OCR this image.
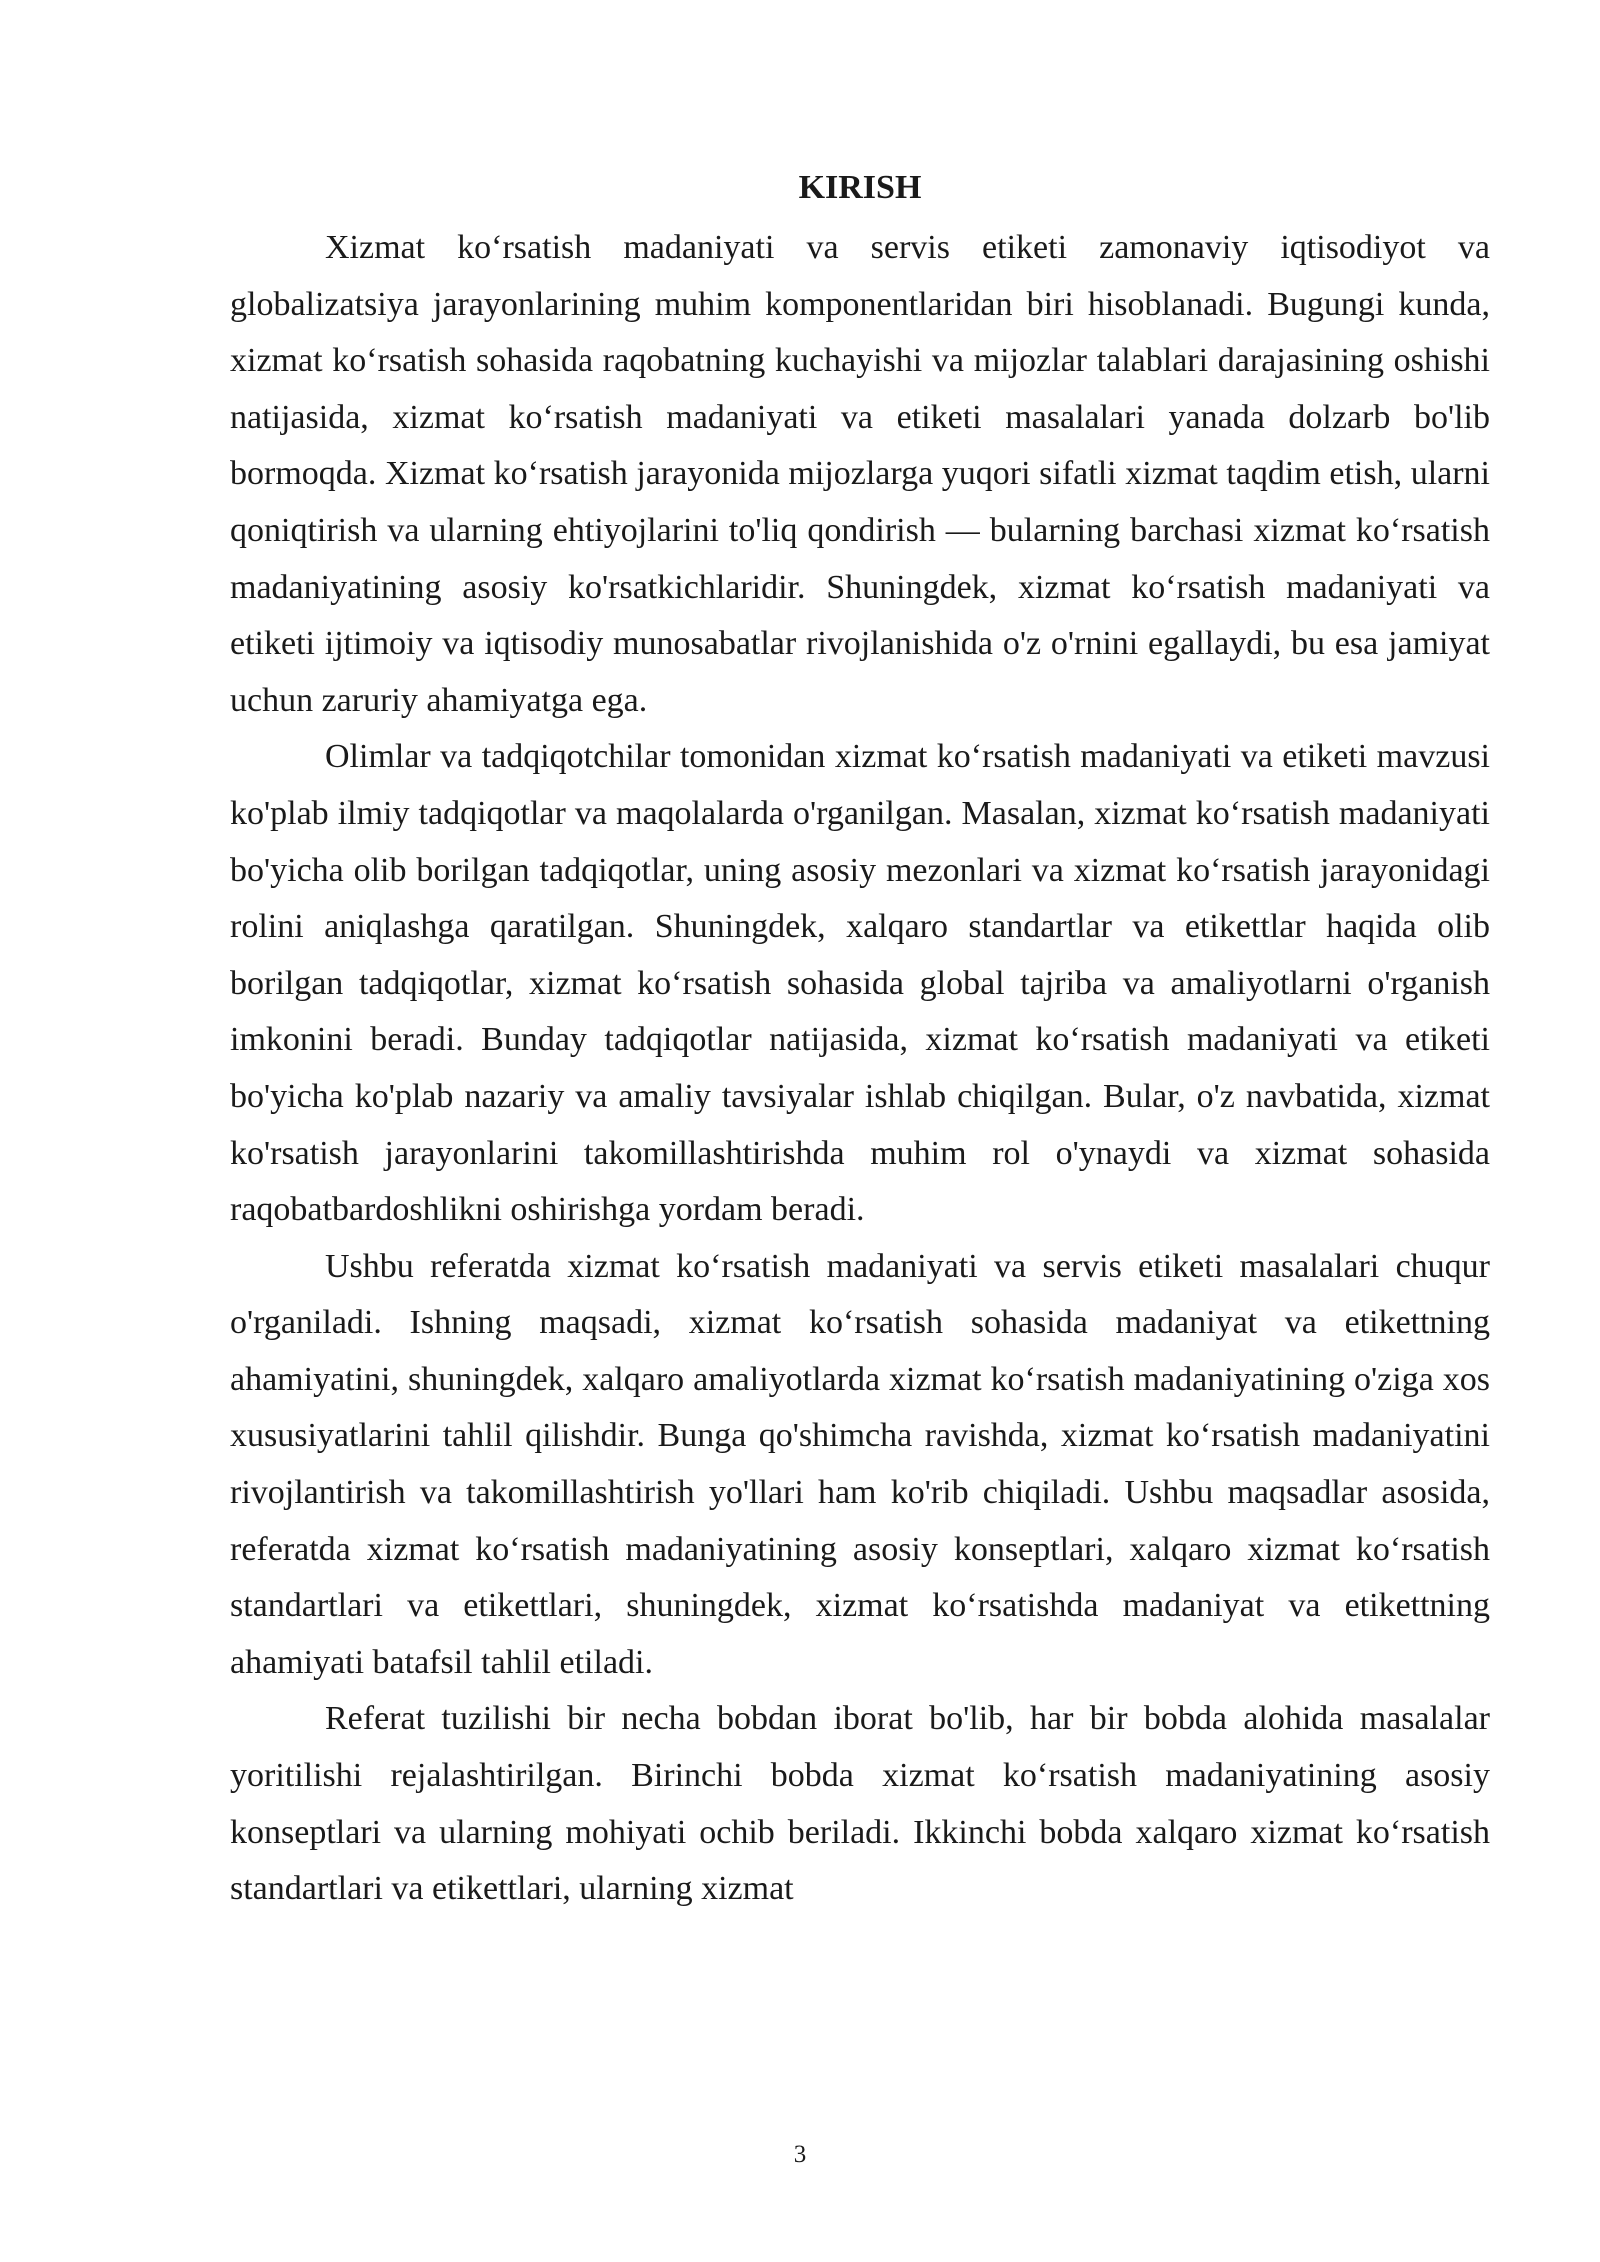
KIRISH

Xizmat ko‘rsatish madaniyati va servis etiketi zamonaviy iqtisodiyot va globalizatsiya jarayonlarining muhim komponentlaridan biri hisoblanadi. Bugungi kunda, xizmat ko‘rsatish sohasida raqobatning kuchayishi va mijozlar talablari darajasining oshishi natijasida, xizmat ko‘rsatish madaniyati va etiketi masalalari yanada dolzarb bo'lib bormoqda. Xizmat ko‘rsatish jarayonida mijozlarga yuqori sifatli xizmat taqdim etish, ularni qoniqtirish va ularning ehtiyojlarini to'liq qondirish — bularning barchasi xizmat ko‘rsatish madaniyatining asosiy ko'rsatkichlaridir. Shuningdek, xizmat ko‘rsatish madaniyati va etiketi ijtimoiy va iqtisodiy munosabatlar rivojlanishida o'z o'rnini egallaydi, bu esa jamiyat uchun zaruriy ahamiyatga ega.

Olimlar va tadqiqotchilar tomonidan xizmat ko‘rsatish madaniyati va etiketi mavzusi ko'plab ilmiy tadqiqotlar va maqolalarda o'rganilgan. Masalan, xizmat ko‘rsatish madaniyati bo'yicha olib borilgan tadqiqotlar, uning asosiy mezonlari va xizmat ko‘rsatish jarayonidagi rolini aniqlashga qaratilgan. Shuningdek, xalqaro standartlar va etikettlar haqida olib borilgan tadqiqotlar, xizmat ko‘rsatish sohasida global tajriba va amaliyotlarni o'rganish imkonini beradi. Bunday tadqiqotlar natijasida, xizmat ko‘rsatish madaniyati va etiketi bo'yicha ko'plab nazariy va amaliy tavsiyalar ishlab chiqilgan. Bular, o'z navbatida, xizmat ko'rsatish jarayonlarini takomillashtirishda muhim rol o'ynaydi va xizmat sohasida raqobatbardoshlikni oshirishga yordam beradi.

Ushbu referatda xizmat ko‘rsatish madaniyati va servis etiketi masalalari chuqur o'rganiladi. Ishning maqsadi, xizmat ko‘rsatish sohasida madaniyat va etikettning ahamiyatini, shuningdek, xalqaro amaliyotlarda xizmat ko‘rsatish madaniyatining o'ziga xos xususiyatlarini tahlil qilishdir. Bunga qo'shimcha ravishda, xizmat ko‘rsatish madaniyatini rivojlantirish va takomillashtirish yo'llari ham ko'rib chiqiladi. Ushbu maqsadlar asosida, referatda xizmat ko‘rsatish madaniyatining asosiy konseptlari, xalqaro xizmat ko‘rsatish standartlari va etikettlari, shuningdek, xizmat ko‘rsatishda madaniyat va etikettning ahamiyati batafsil tahlil etiladi.

Referat tuzilishi bir necha bobdan iborat bo'lib, har bir bobda alohida masalalar yoritilishi rejalashtirilgan. Birinchi bobda xizmat ko‘rsatish madaniyatining asosiy konseptlari va ularning mohiyati ochib beriladi. Ikkinchi bobda xalqaro xizmat ko‘rsatish standartlari va etikettlari, ularning xizmat

3
